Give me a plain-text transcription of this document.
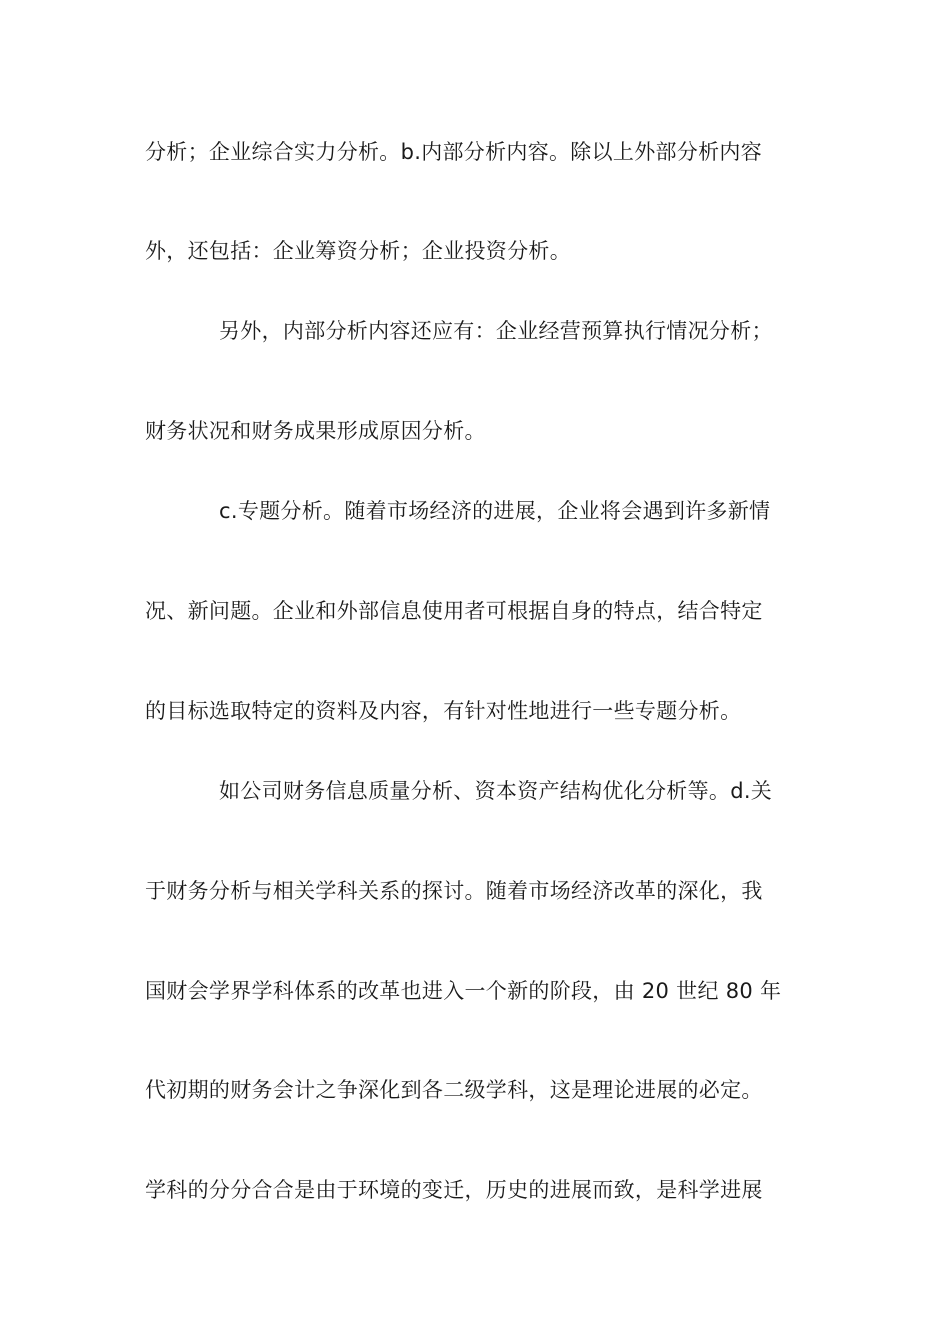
分析；企业综合实力分析。b.内部分析内容。除以上外部分析内容
外，还包括：企业筹资分析；企业投资分析。
另外，内部分析内容还应有：企业经营预算执行情况分析；
财务状况和财务成果形成原因分析。
c.专题分析。随着市场经济的进展，企业将会遇到许多新情
况、新问题。企业和外部信息使用者可根据自身的特点，结合特定
的目标选取特定的资料及内容，有针对性地进行一些专题分析。
如公司财务信息质量分析、资本资产结构优化分析等。d.关
于财务分析与相关学科关系的探讨。随着市场经济改革的深化，我
国财会学界学科体系的改革也进入一个新的阶段，由 20 世纪 80 年
代初期的财务会计之争深化到各二级学科，这是理论进展的必定。
学科的分分合合是由于环境的变迁，历史的进展而致，是科学进展
